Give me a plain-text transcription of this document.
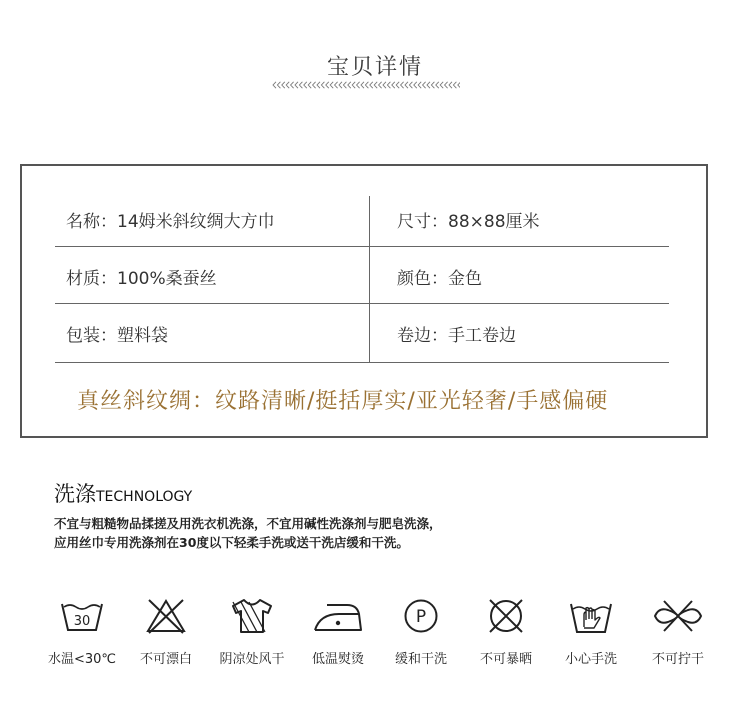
宝贝详情
名称：14姆米斜纹绸大方巾	尺寸：88×88厘米
材质：100%桑蚕丝	颜色：金色
包装：塑料袋	卷边：手工卷边
真丝斜纹绸：纹路清晰/挺括厚实/亚光轻奢/手感偏硬
洗涤TECHNOLOGY
不宜与粗糙物品揉搓及用洗衣机洗涤，不宜用碱性洗涤剂与肥皂洗涤，
应用丝巾专用洗涤剂在30度以下轻柔手洗或送干洗店缓和干洗。
30
水温<30℃	不可漂白	阴凉处风干	低温熨烫
P
缓和干洗	不可暴晒	小心手洗	不可拧干
